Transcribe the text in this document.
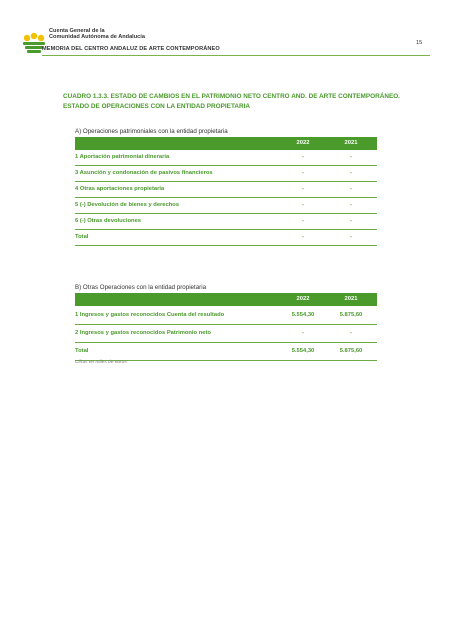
Cuenta General de la
Comunidad Autónoma de Andalucía
MEMORIA DEL CENTRO ANDALUZ DE ARTE CONTEMPORÁNEO
15
CUADRO 1.3.3. ESTADO DE CAMBIOS EN EL PATRIMONIO NETO CENTRO AND. DE ARTE CONTEMPORÁNEO.
ESTADO DE OPERACIONES CON LA ENTIDAD PROPIETARIA
A) Operaciones patrimoniales con la entidad propietaria
2022	2021
1 Aportación patrimonial dineraria	-	-
3 Asunción y condonación de pasivos financieros	-	-
4 Otras aportaciones propietaria	-	-
5 (-) Devolución de bienes y derechos	-	-
6 (-) Otras devoluciones	-	-
Total	-	-
B) Otras Operaciones con la entidad propietaria
2022	2021
1 Ingresos y gastos reconocidos Cuenta del resultado	5.554,30	5.875,60
2 Ingresos y gastos reconocidos Patrimonio neto	-	-
Total	5.554,30	5.875,60
Cifras en miles de euros
